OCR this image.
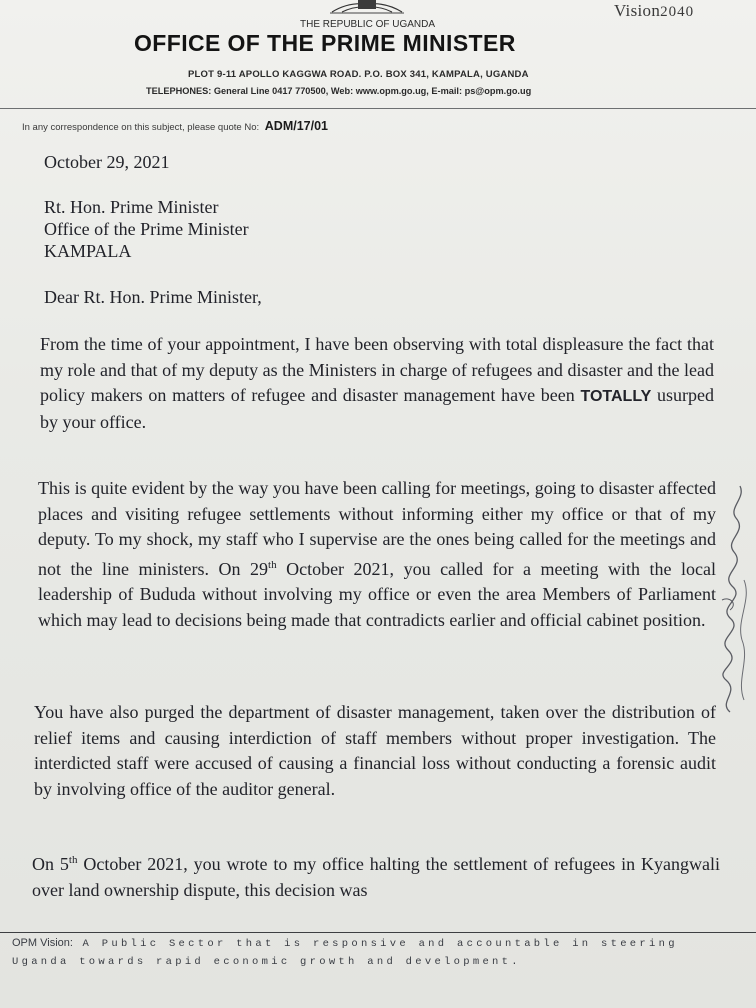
Vision2040
THE REPUBLIC OF UGANDA
OFFICE OF THE PRIME MINISTER
PLOT 9-11 APOLLO KAGGWA ROAD. P.O. BOX 341, KAMPALA, UGANDA
TELEPHONES: General Line 0417 770500, Web: www.opm.go.ug, E-mail: ps@opm.go.ug
In any correspondence on this subject, please quote No: ADM/17/01
October 29, 2021
Rt. Hon. Prime Minister
Office of the Prime Minister
KAMPALA
Dear Rt. Hon. Prime Minister,
From the time of your appointment, I have been observing with total displeasure the fact that my role and that of my deputy as the Ministers in charge of refugees and disaster and the lead policy makers on matters of refugee and disaster management have been TOTALLY usurped by your office.
This is quite evident by the way you have been calling for meetings, going to disaster affected places and visiting refugee settlements without informing either my office or that of my deputy. To my shock, my staff who I supervise are the ones being called for the meetings and not the line ministers. On 29th October 2021, you called for a meeting with the local leadership of Bududa without involving my office or even the area Members of Parliament which may lead to decisions being made that contradicts earlier and official cabinet position.
You have also purged the department of disaster management, taken over the distribution of relief items and causing interdiction of staff members without proper investigation. The interdicted staff were accused of causing a financial loss without conducting a forensic audit by involving office of the auditor general.
On 5th October 2021, you wrote to my office halting the settlement of refugees in Kyangwali over land ownership dispute, this decision was
OPM Vision: A Public Sector that is responsive and accountable in steering
Uganda towards rapid economic growth and development.
